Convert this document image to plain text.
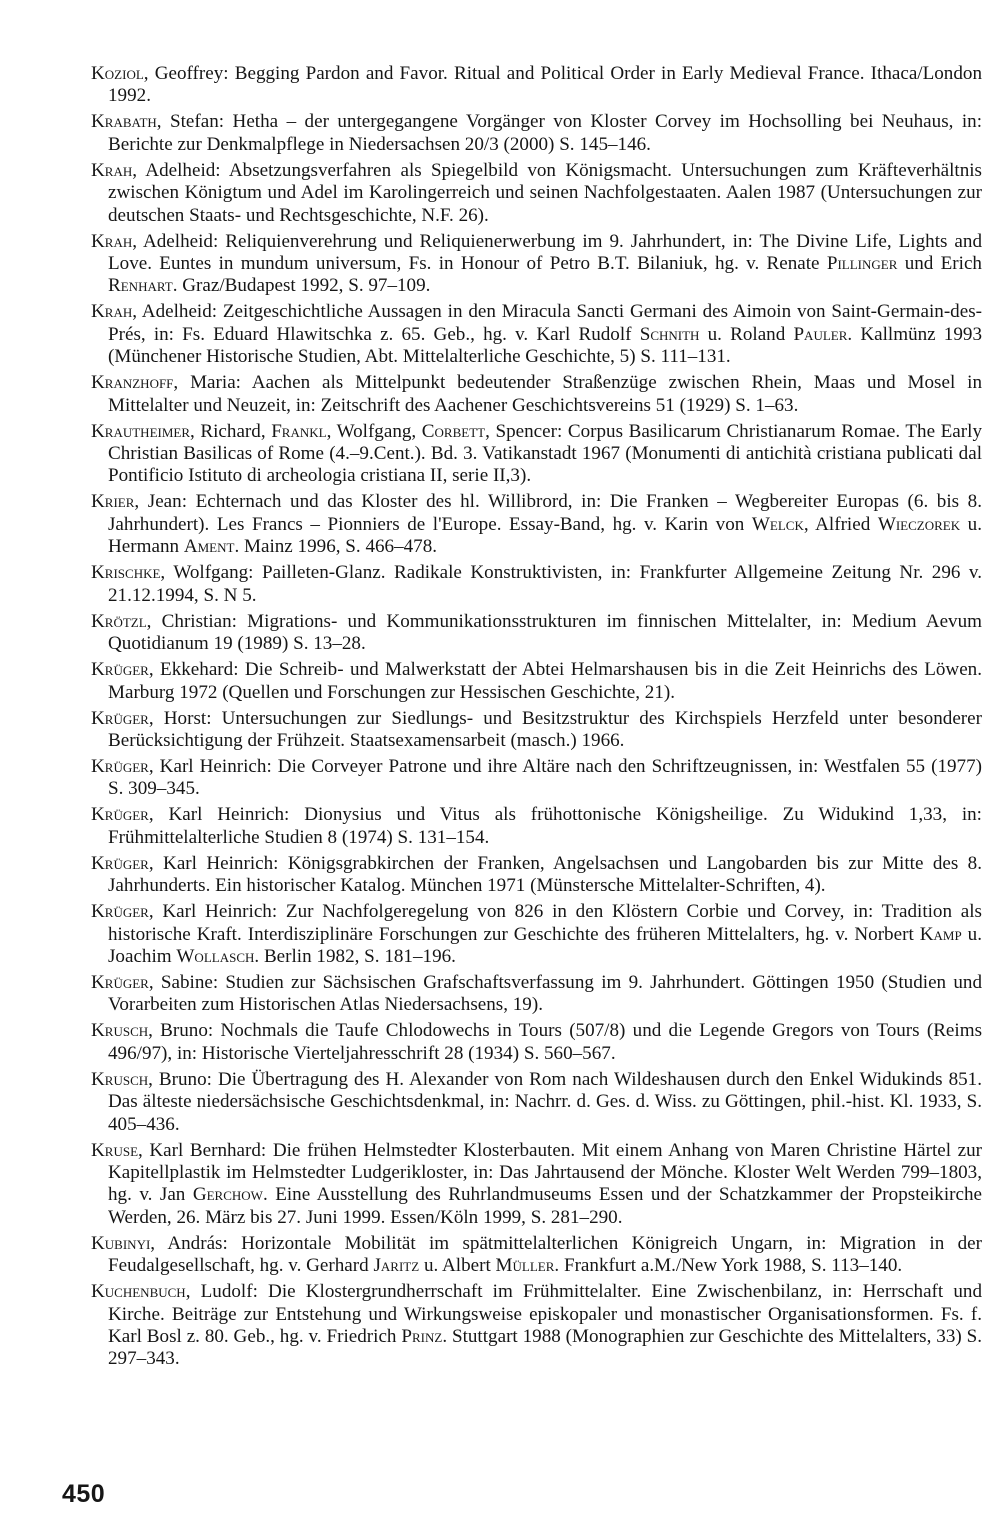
Koziol, Geoffrey: Begging Pardon and Favor. Ritual and Political Order in Early Medieval France. Ithaca/London 1992.
Krabath, Stefan: Hetha – der untergegangene Vorgänger von Kloster Corvey im Hochsolling bei Neuhaus, in: Berichte zur Denkmalpflege in Niedersachsen 20/3 (2000) S. 145–146.
Krah, Adelheid: Absetzungsverfahren als Spiegelbild von Königsmacht. Untersuchungen zum Kräfteverhältnis zwischen Königtum und Adel im Karolingerreich und seinen Nachfolgestaaten. Aalen 1987 (Untersuchungen zur deutschen Staats- und Rechtsgeschichte, N.F. 26).
Krah, Adelheid: Reliquienverehrung und Reliquienerwerbung im 9. Jahrhundert, in: The Divine Life, Lights and Love. Euntes in mundum universum, Fs. in Honour of Petro B.T. Bilaniuk, hg. v. Renate Pillinger und Erich Renhart. Graz/Budapest 1992, S. 97–109.
Krah, Adelheid: Zeitgeschichtliche Aussagen in den Miracula Sancti Germani des Aimoin von Saint-Germain-des-Prés, in: Fs. Eduard Hlawitschka z. 65. Geb., hg. v. Karl Rudolf Schnith u. Roland Pauler. Kallmünz 1993 (Münchener Historische Studien, Abt. Mittelalterliche Geschichte, 5) S. 111–131.
Kranzhoff, Maria: Aachen als Mittelpunkt bedeutender Straßenzüge zwischen Rhein, Maas und Mosel in Mittelalter und Neuzeit, in: Zeitschrift des Aachener Geschichtsvereins 51 (1929) S. 1–63.
Krautheimer, Richard, Frankl, Wolfgang, Corbett, Spencer: Corpus Basilicarum Christianarum Romae. The Early Christian Basilicas of Rome (4.–9.Cent.). Bd. 3. Vatikanstadt 1967 (Monumenti di antichità cristiana publicati dal Pontificio Istituto di archeologia cristiana II, serie II,3).
Krier, Jean: Echternach und das Kloster des hl. Willibrord, in: Die Franken – Wegbereiter Europas (6. bis 8. Jahrhundert). Les Francs – Pionniers de l'Europe. Essay-Band, hg. v. Karin von Welck, Alfried Wieczorek u. Hermann Ament. Mainz 1996, S. 466–478.
Krischke, Wolfgang: Pailleten-Glanz. Radikale Konstruktivisten, in: Frankfurter Allgemeine Zeitung Nr. 296 v. 21.12.1994, S. N 5.
Krötzl, Christian: Migrations- und Kommunikationsstrukturen im finnischen Mittelalter, in: Medium Aevum Quotidianum 19 (1989) S. 13–28.
Krüger, Ekkehard: Die Schreib- und Malwerkstatt der Abtei Helmarshausen bis in die Zeit Heinrichs des Löwen. Marburg 1972 (Quellen und Forschungen zur Hessischen Geschichte, 21).
Krüger, Horst: Untersuchungen zur Siedlungs- und Besitzstruktur des Kirchspiels Herzfeld unter besonderer Berücksichtigung der Frühzeit. Staatsexamensarbeit (masch.) 1966.
Krüger, Karl Heinrich: Die Corveyer Patrone und ihre Altäre nach den Schriftzeugnissen, in: Westfalen 55 (1977) S. 309–345.
Krüger, Karl Heinrich: Dionysius und Vitus als frühottonische Königsheilige. Zu Widukind 1,33, in: Frühmittelalterliche Studien 8 (1974) S. 131–154.
Krüger, Karl Heinrich: Königsgrabkirchen der Franken, Angelsachsen und Langobarden bis zur Mitte des 8. Jahrhunderts. Ein historischer Katalog. München 1971 (Münstersche Mittelalter-Schriften, 4).
Krüger, Karl Heinrich: Zur Nachfolgeregelung von 826 in den Klöstern Corbie und Corvey, in: Tradition als historische Kraft. Interdisziplinäre Forschungen zur Geschichte des früheren Mittelalters, hg. v. Norbert Kamp u. Joachim Wollasch. Berlin 1982, S. 181–196.
Krüger, Sabine: Studien zur Sächsischen Grafschaftsverfassung im 9. Jahrhundert. Göttingen 1950 (Studien und Vorarbeiten zum Historischen Atlas Niedersachsens, 19).
Krusch, Bruno: Nochmals die Taufe Chlodowechs in Tours (507/8) und die Legende Gregors von Tours (Reims 496/97), in: Historische Vierteljahresschrift 28 (1934) S. 560–567.
Krusch, Bruno: Die Übertragung des H. Alexander von Rom nach Wildeshausen durch den Enkel Widukinds 851. Das älteste niedersächsische Geschichtsdenkmal, in: Nachrr. d. Ges. d. Wiss. zu Göttingen, phil.-hist. Kl. 1933, S. 405–436.
Kruse, Karl Bernhard: Die frühen Helmstedter Klosterbauten. Mit einem Anhang von Maren Christine Härtel zur Kapitellplastik im Helmstedter Ludgerikloster, in: Das Jahrtausend der Mönche. Kloster Welt Werden 799–1803, hg. v. Jan Gerchow. Eine Ausstellung des Ruhrlandmuseums Essen und der Schatzkammer der Propsteikirche Werden, 26. März bis 27. Juni 1999. Essen/Köln 1999, S. 281–290.
Kubinyi, András: Horizontale Mobilität im spätmittelalterlichen Königreich Ungarn, in: Migration in der Feudalgesellschaft, hg. v. Gerhard Jaritz u. Albert Müller. Frankfurt a.M./New York 1988, S. 113–140.
Kuchenbuch, Ludolf: Die Klostergrundherrschaft im Frühmittelalter. Eine Zwischenbilanz, in: Herrschaft und Kirche. Beiträge zur Entstehung und Wirkungsweise episkopaler und monastischer Organisationsformen. Fs. f. Karl Bosl z. 80. Geb., hg. v. Friedrich Prinz. Stuttgart 1988 (Monographien zur Geschichte des Mittelalters, 33) S. 297–343.
450
